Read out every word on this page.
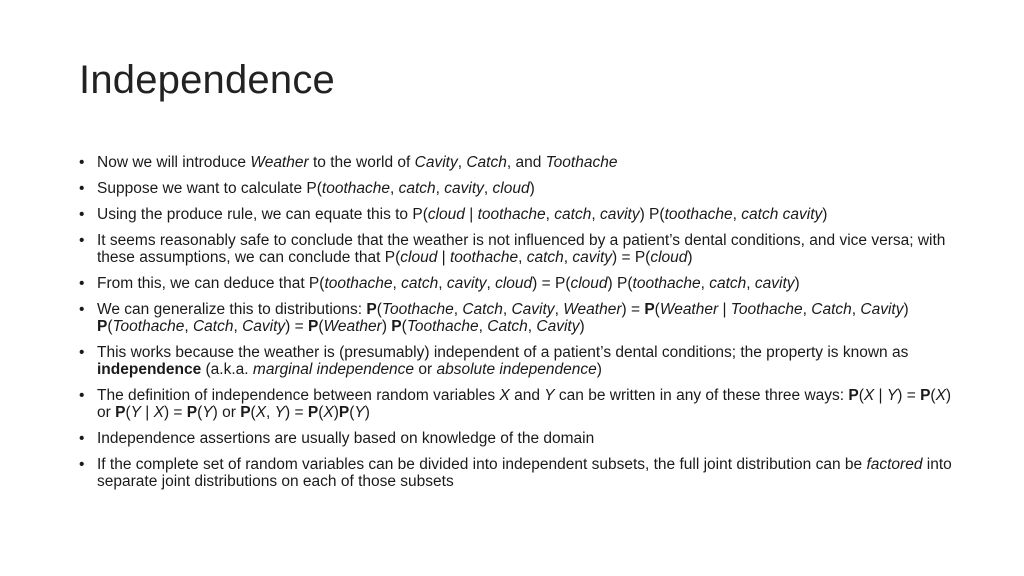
Independence
• Now we will introduce Weather to the world of Cavity, Catch, and Toothache
• Suppose we want to calculate P(toothache, catch, cavity, cloud)
• Using the produce rule, we can equate this to P(cloud | toothache, catch, cavity) P(toothache, catch cavity)
• It seems reasonably safe to conclude that the weather is not influenced by a patient’s dental conditions, and vice versa; with these assumptions, we can conclude that P(cloud | toothache, catch, cavity) = P(cloud)
• From this, we can deduce that P(toothache, catch, cavity, cloud) = P(cloud) P(toothache, catch, cavity)
• We can generalize this to distributions: P(Toothache, Catch, Cavity, Weather) = P(Weather | Toothache, Catch, Cavity) P(Toothache, Catch, Cavity) = P(Weather) P(Toothache, Catch, Cavity)
• This works because the weather is (presumably) independent of a patient’s dental conditions; the property is known as independence (a.k.a. marginal independence or absolute independence)
• The definition of independence between random variables X and Y can be written in any of these three ways: P(X | Y) = P(X) or P(Y | X) = P(Y) or P(X, Y) = P(X)P(Y)
• Independence assertions are usually based on knowledge of the domain
• If the complete set of random variables can be divided into independent subsets, the full joint distribution can be factored into separate joint distributions on each of those subsets
